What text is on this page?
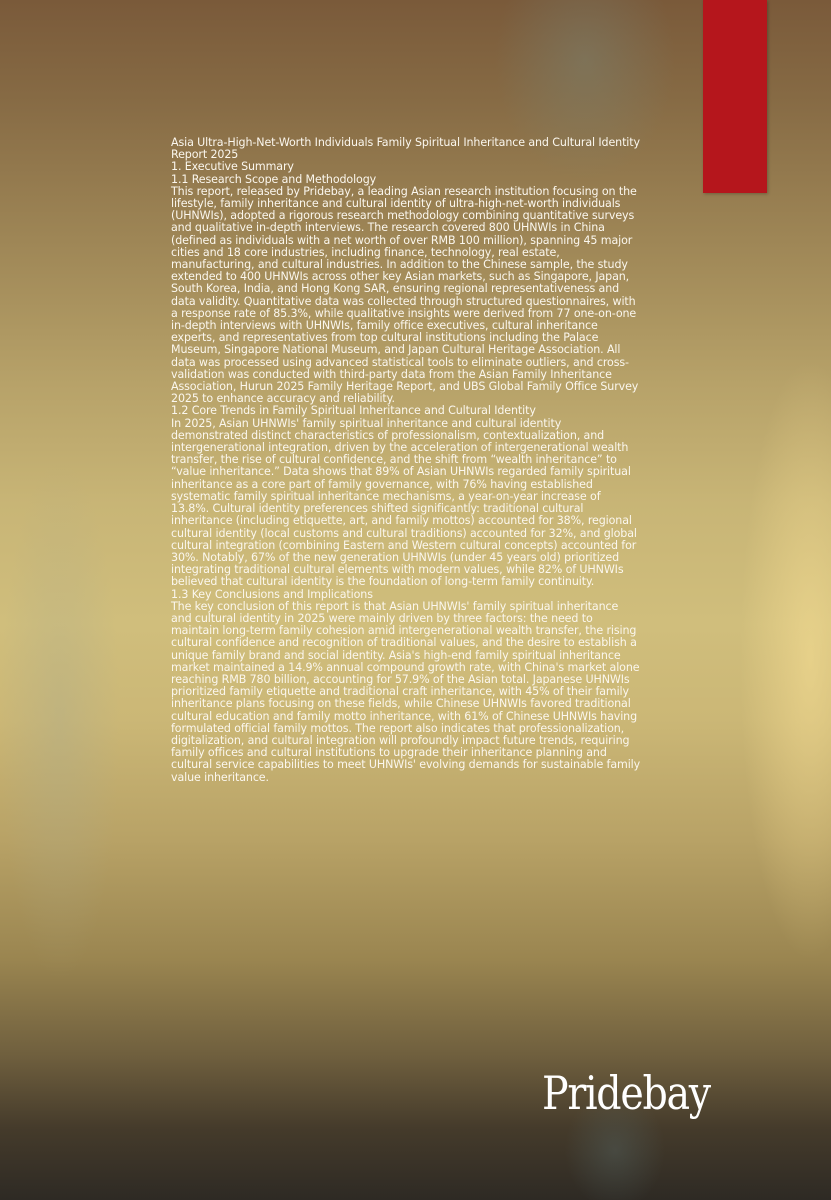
Asia Ultra-High-Net-Worth Individuals Family Spiritual Inheritance and Cultural Identity Report 2025

1. Executive Summary

1.1 Research Scope and Methodology

This report, released by Pridebay, a leading Asian research institution focusing on the lifestyle, family inheritance and cultural identity of ultra-high-net-worth individuals (UHNWIs), adopted a rigorous research methodology combining quantitative surveys and qualitative in-depth interviews. The research covered 800 UHNWIs in China (defined as individuals with a net worth of over RMB 100 million), spanning 45 major cities and 18 core industries, including finance, technology, real estate, manufacturing, and cultural industries. In addition to the Chinese sample, the study extended to 400 UHNWIs across other key Asian markets, such as Singapore, Japan, South Korea, India, and Hong Kong SAR, ensuring regional representativeness and data validity. Quantitative data was collected through structured questionnaires, with a response rate of 85.3%, while qualitative insights were derived from 77 one-on-one in-depth interviews with UHNWIs, family office executives, cultural inheritance experts, and representatives from top cultural institutions including the Palace Museum, Singapore National Museum, and Japan Cultural Heritage Association. All data was processed using advanced statistical tools to eliminate outliers, and cross-validation was conducted with third-party data from the Asian Family Inheritance Association, Hurun 2025 Family Heritage Report, and UBS Global Family Office Survey 2025 to enhance accuracy and reliability.

1.2 Core Trends in Family Spiritual Inheritance and Cultural Identity

In 2025, Asian UHNWIs' family spiritual inheritance and cultural identity demonstrated distinct characteristics of professionalism, contextualization, and intergenerational integration, driven by the acceleration of intergenerational wealth transfer, the rise of cultural confidence, and the shift from “wealth inheritance” to “value inheritance.” Data shows that 89% of Asian UHNWIs regarded family spiritual inheritance as a core part of family governance, with 76% having established systematic family spiritual inheritance mechanisms, a year-on-year increase of 13.8%. Cultural identity preferences shifted significantly: traditional cultural inheritance (including etiquette, art, and family mottos) accounted for 38%, regional cultural identity (local customs and cultural traditions) accounted for 32%, and global cultural integration (combining Eastern and Western cultural concepts) accounted for 30%. Notably, 67% of the new generation UHNWIs (under 45 years old) prioritized integrating traditional cultural elements with modern values, while 82% of UHNWIs believed that cultural identity is the foundation of long-term family continuity.

1.3 Key Conclusions and Implications

The key conclusion of this report is that Asian UHNWIs' family spiritual inheritance and cultural identity in 2025 were mainly driven by three factors: the need to maintain long-term family cohesion amid intergenerational wealth transfer, the rising cultural confidence and recognition of traditional values, and the desire to establish a unique family brand and social identity. Asia's high-end family spiritual inheritance market maintained a 14.9% annual compound growth rate, with China's market alone reaching RMB 780 billion, accounting for 57.9% of the Asian total. Japanese UHNWIs prioritized family etiquette and traditional craft inheritance, with 45% of their family inheritance plans focusing on these fields, while Chinese UHNWIs favored traditional cultural education and family motto inheritance, with 61% of Chinese UHNWIs having formulated official family mottos. The report also indicates that professionalization, digitalization, and cultural integration will profoundly impact future trends, requiring family offices and cultural institutions to upgrade their inheritance planning and cultural service capabilities to meet UHNWIs' evolving demands for sustainable family value inheritance.

Pridebay
